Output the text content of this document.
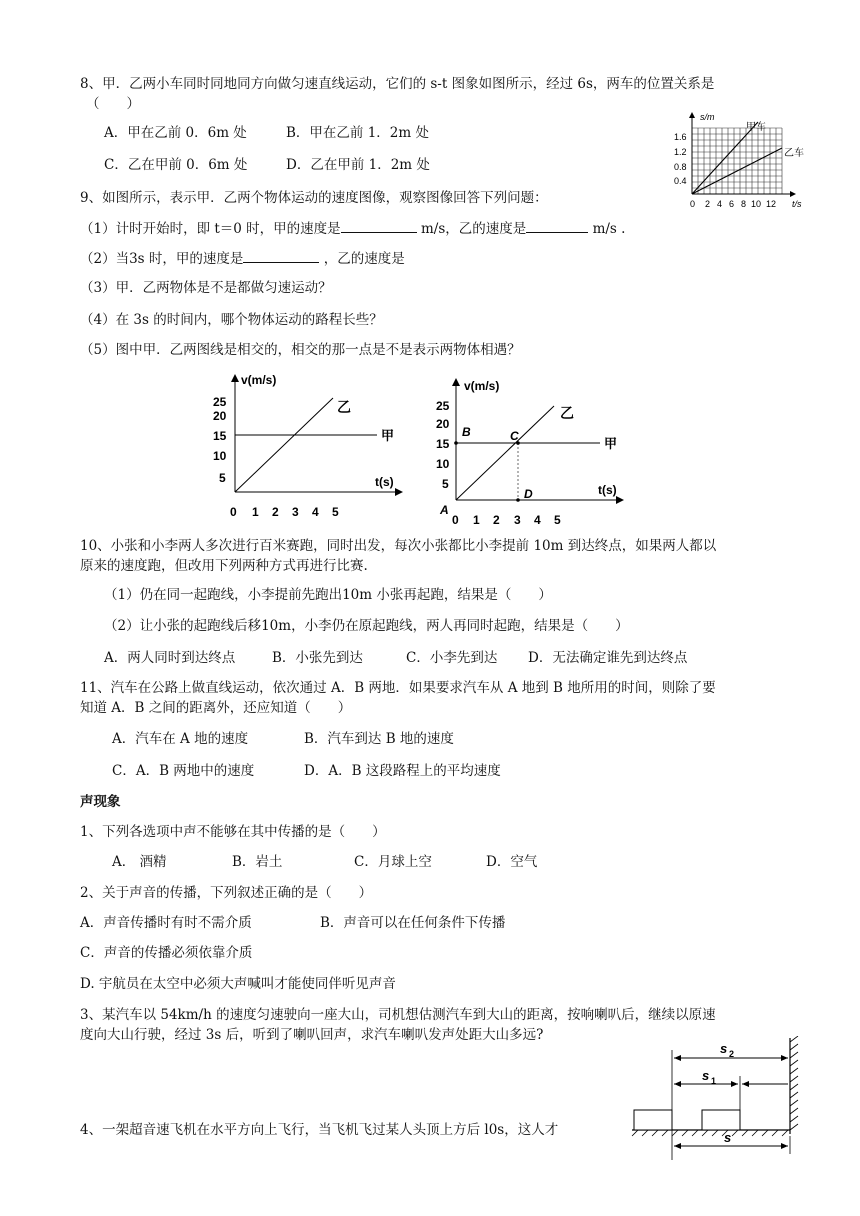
8、甲．乙两小车同时同地同方向做匀速直线运动，它们的 s-t 图象如图所示，经过 6s，两车的位置关系是
（　　）
A．甲在乙前 0．6m 处	B．甲在乙前 1．2m 处
C．乙在甲前 0．6m 处	D．乙在甲前 1．2m 处
s/m
甲车
乙车
1.6
1.2
0.8
0.4
0 2 4 6 8 10 12 t/s
9、如图所示，表示甲．乙两个物体运动的速度图像，观察图像回答下列问题：
（1）计时开始时，即 t＝0 时，甲的速度是	m/s，乙的速度是	m/s .
（2）当3s 时，甲的速度是	，乙的速度是
（3）甲．乙两物体是不是都做匀速运动？
（4）在 3s 的时间内，哪个物体运动的路程长些？
（5）图中甲．乙两图线是相交的，相交的那一点是不是表示两物体相遇？
v(m/s)
乙
甲
25
20
15
10
5	t(s)
0 1 2 3 4 5
v(m/s)
乙
甲
B	C
D
A
25
20
15
10
5	t(s)
0 1 2 3 4 5
10、小张和小李两人多次进行百米赛跑，同时出发，每次小张都比小李提前 10m 到达终点，如果两人都以
原来的速度跑，但改用下列两种方式再进行比赛.
（1）仍在同一起跑线，小李提前先跑出10m 小张再起跑，结果是（　　）
（2）让小张的起跑线后移10m，小李仍在原起跑线，两人再同时起跑，结果是（　　）
A．两人同时到达终点	B．小张先到达	C．小李先到达 D．无法确定谁先到达终点
11、汽车在公路上做直线运动，依次通过 A．B 两地．如果要求汽车从 A 地到 B 地所用的时间，则除了要
知道 A．B 之间的距离外，还应知道（　　）
A．汽车在 A 地的速度	B．汽车到达 B 地的速度
C．A．B 两地中的速度	D．A．B 这段路程上的平均速度
声现象
1、下列各选项中声不能够在其中传播的是（　　）
A． 酒精	B．岩土	C．月球上空	D．空气
2、关于声音的传播，下列叙述正确的是（　　）
A．声音传播时有时不需介质	B．声音可以在任何条件下传播
C．声音的传播必须依靠介质
D. 宇航员在太空中必须大声喊叫才能使同伴听见声音
3、某汽车以 54km/h 的速度匀速驶向一座大山，司机想估测汽车到大山的距离，按响喇叭后，继续以原速
度向大山行驶，经过 3s 后，听到了喇叭回声，求汽车喇叭发声处距大山多远?
4、一架超音速飞机在水平方向上飞行，当飞机飞过某人头顶上方后 l0s，这人才
s 2
s 1
s
